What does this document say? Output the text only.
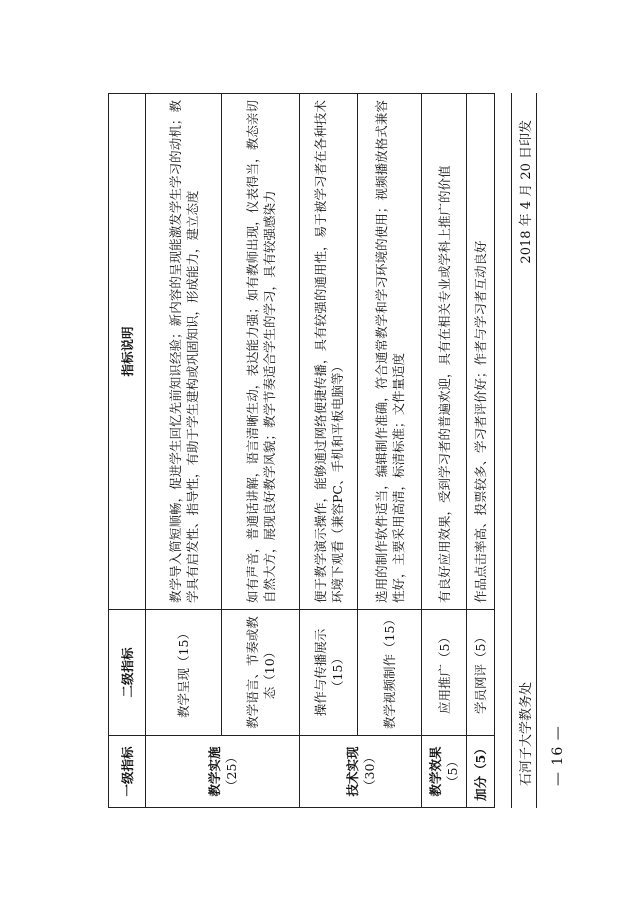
一级指标	二级指标	指标说明
教学实施 （25）	教学呈现（15）	教学导入简短顺畅，促进学生回忆先前知识经验；新内容的呈现能激发学生学习的动机；教学具有启发性、指导性，有助于学生建构或巩固知识，形成能力，建立态度
	教学语言、节奏或教态（10）	如有声音，普通话讲解，语言清晰生动，表达能力强；如有教师出现，仪表得当，教态亲切自然大方，展现良好教学风貌；教学节奏适合学生的学习，具有较强感染力
技术实现 （30）	操作与传播展示（15）	便于教学演示操作，能够通过网络便捷传播，具有较强的通用性，易于被学习者在各种技术环境下观看（兼容PC、手机和平板电脑等）
	教学视频制作（15）	选用的制作软件适当，编辑制作准确，符合通常教学和学习环境的使用；视频播放格式兼容性好，主要采用高清，标清标准；文件量适度
教学效果 （5）	应用推广（5）	有良好应用效果，受到学习者的普遍欢迎，具有在相关专业或学科上推广的价值
加分（5）	学员网评（5）	作品点击率高、投票较多、学习者评价好；作者与学习者互动良好
石河子大学教务处
2018 年 4 月 20 日印发
— 16 —
